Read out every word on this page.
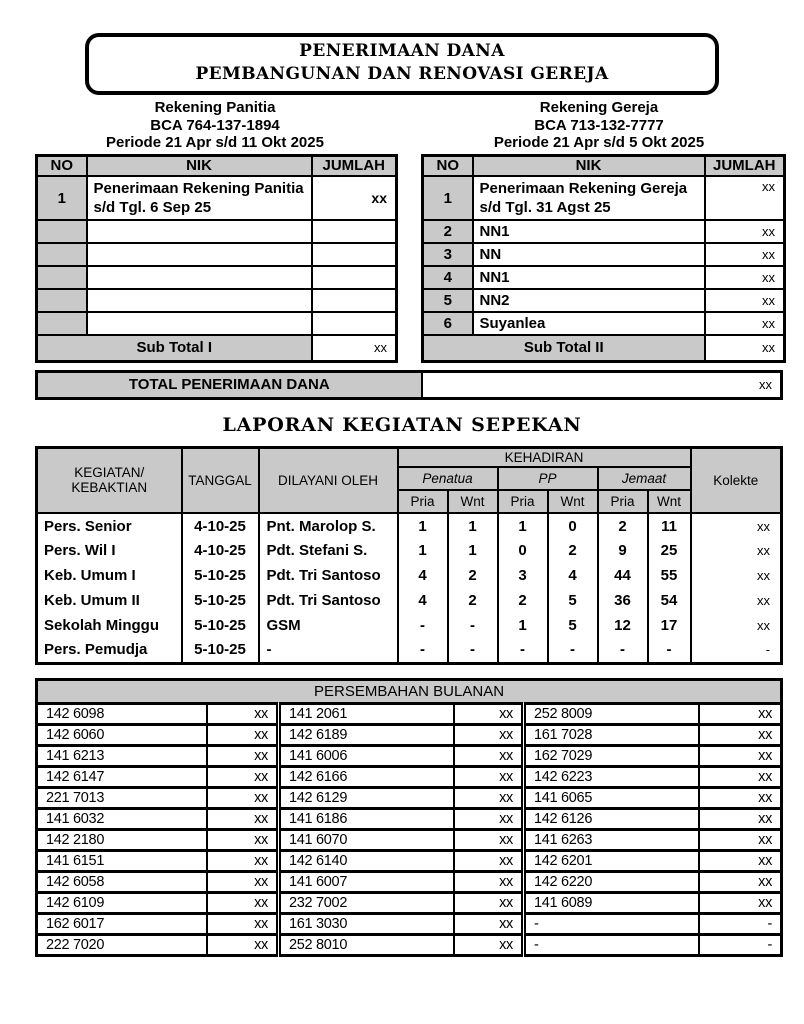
PENERIMAAN DANA
PEMBANGUNAN DAN RENOVASI GEREJA
Rekening Panitia
BCA 764-137-1894
Periode 21 Apr s/d 11 Okt 2025
Rekening Gereja
BCA 713-132-7777
Periode 21 Apr s/d 5 Okt 2025
NO	NIK	JUMLAH
1	Penerimaan Rekening Panitia s/d Tgl. 6 Sep 25	xx

Sub Total I		xx
NO	NIK	JUMLAH
1	Penerimaan Rekening Gereja s/d Tgl. 31 Agst 25	xx
2	NN1	xx
3	NN	xx
4	NN1	xx
5	NN2	xx
6	Suyanlea	xx
Sub Total II		xx
TOTAL PENERIMAAN DANA	xx
LAPORAN KEGIATAN SEPEKAN
KEGIATAN/
KEBAKTIAN	TANGGAL	DILAYANI OLEH	KEHADIRAN						Kolekte
			Penatua		PP		Jemaat		
			Pria	Wnt	Pria	Wnt	Pria	Wnt	
Pers. Senior	4-10-25	Pnt. Marolop S.	1	1	1	0	2	11	xx
Pers. Wil I	4-10-25	Pdt. Stefani S.	1	1	0	2	9	25	xx
Keb. Umum I	5-10-25	Pdt. Tri Santoso	4	2	3	4	44	55	xx
Keb. Umum II	5-10-25	Pdt. Tri Santoso	4	2	2	5	36	54	xx
Sekolah Minggu	5-10-25	GSM	-	-	1	5	12	17	xx
Pers. Pemudja	5-10-25	-	-	-	-	-	-	-	-
PERSEMBAHAN BULANAN					
142 6098	xx	141 2061	xx	252 8009	xx
142 6060	xx	142 6189	xx	161 7028	xx
141 6213	xx	141 6006	xx	162 7029	xx
142 6147	xx	142 6166	xx	142 6223	xx
221 7013	xx	142 6129	xx	141 6065	xx
141 6032	xx	141 6186	xx	142 6126	xx
142 2180	xx	141 6070	xx	141 6263	xx
141 6151	xx	142 6140	xx	142 6201	xx
142 6058	xx	141 6007	xx	142 6220	xx
142 6109	xx	232 7002	xx	141 6089	xx
162 6017	xx	161 3030	xx	-	-
222 7020	xx	252 8010	xx	-	-
